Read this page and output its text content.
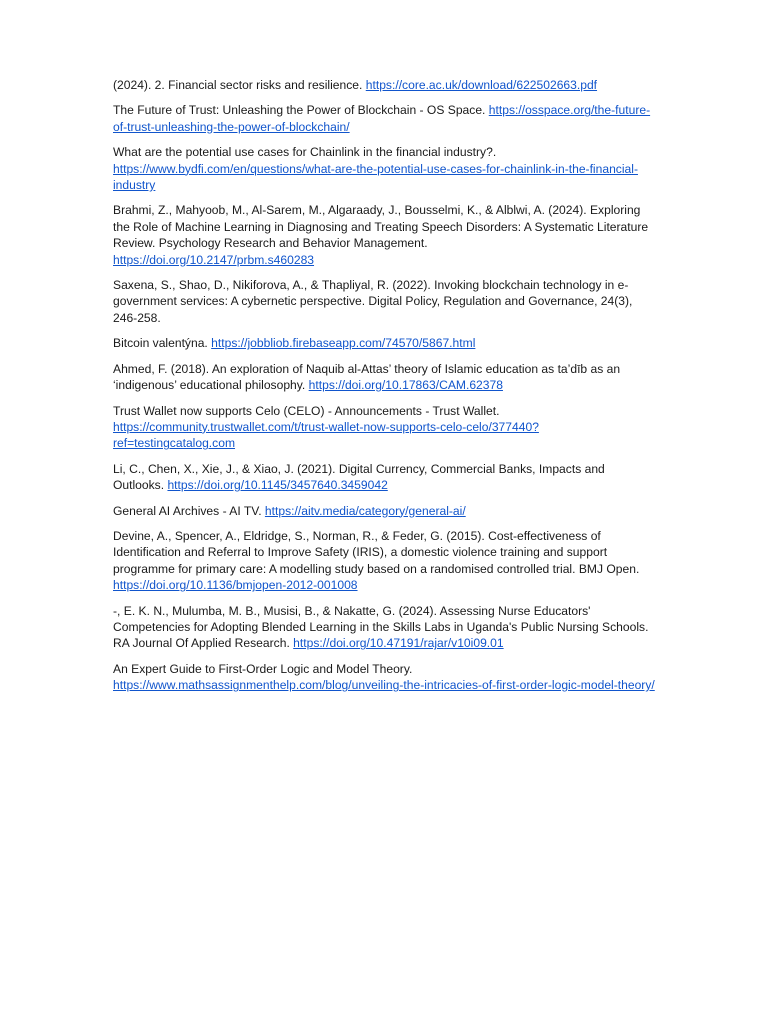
(2024). 2. Financial sector risks and resilience. https://core.ac.uk/download/622502663.pdf

The Future of Trust: Unleashing the Power of Blockchain - OS Space. https://osspace.org/the-future-of-trust-unleashing-the-power-of-blockchain/

What are the potential use cases for Chainlink in the financial industry?.
https://www.bydfi.com/en/questions/what-are-the-potential-use-cases-for-chainlink-in-the-financial-industry

Brahmi, Z., Mahyoob, M., Al-Sarem, M., Algaraady, J., Bousselmi, K., & Alblwi, A. (2024). Exploring the Role of Machine Learning in Diagnosing and Treating Speech Disorders: A Systematic Literature Review. Psychology Research and Behavior Management.
https://doi.org/10.2147/prbm.s460283

Saxena, S., Shao, D., Nikiforova, A., & Thapliyal, R. (2022). Invoking blockchain technology in e-government services: A cybernetic perspective. Digital Policy, Regulation and Governance, 24(3), 246-258.

Bitcoin valentýna. https://jobbliob.firebaseapp.com/74570/5867.html

Ahmed, F. (2018). An exploration of Naquib al-Attas’ theory of Islamic education as ta’dīb as an ‘indigenous’ educational philosophy. https://doi.org/10.17863/CAM.62378

Trust Wallet now supports Celo (CELO) - Announcements - Trust Wallet.
https://community.trustwallet.com/t/trust-wallet-now-supports-celo-celo/377440?ref=testingcatalog.com

Li, C., Chen, X., Xie, J., & Xiao, J. (2021). Digital Currency, Commercial Banks, Impacts and Outlooks. https://doi.org/10.1145/3457640.3459042

General AI Archives - AI TV. https://aitv.media/category/general-ai/

Devine, A., Spencer, A., Eldridge, S., Norman, R., & Feder, G. (2015). Cost-effectiveness of Identification and Referral to Improve Safety (IRIS), a domestic violence training and support programme for primary care: A modelling study based on a randomised controlled trial. BMJ Open. https://doi.org/10.1136/bmjopen-2012-001008

-, E. K. N., Mulumba, M. B., Musisi, B., & Nakatte, G. (2024). Assessing Nurse Educators' Competencies for Adopting Blended Learning in the Skills Labs in Uganda's Public Nursing Schools. RA Journal Of Applied Research. https://doi.org/10.47191/rajar/v10i09.01

An Expert Guide to First-Order Logic and Model Theory.
https://www.mathsassignmenthelp.com/blog/unveiling-the-intricacies-of-first-order-logic-model-theory/
